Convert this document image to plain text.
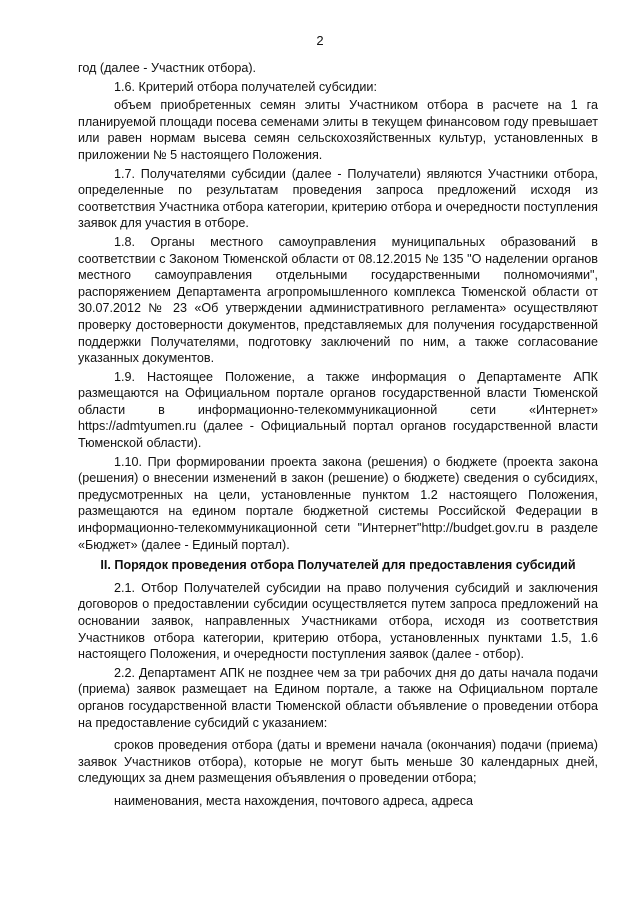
2

год (далее - Участник отбора).

1.6. Критерий отбора получателей субсидии:

объем приобретенных семян элиты Участником отбора в расчете на 1 га планируемой площади посева семенами элиты в текущем финансовом году превышает или равен нормам высева семян сельскохозяйственных культур, установленных в приложении № 5 настоящего Положения.

1.7. Получателями субсидии (далее - Получатели) являются Участники отбора, определенные по результатам проведения запроса предложений исходя из соответствия Участника отбора категории, критерию отбора и очередности поступления заявок для участия в отборе.

1.8. Органы местного самоуправления муниципальных образований в соответствии с Законом Тюменской области от 08.12.2015 № 135 "О наделении органов местного самоуправления отдельными государственными полномочиями", распоряжением Департамента агропромышленного комплекса Тюменской области от 30.07.2012 № 23 «Об утверждении административного регламента» осуществляют проверку достоверности документов, представляемых для получения государственной поддержки Получателями, подготовку заключений по ним, а также согласование указанных документов.

1.9. Настоящее Положение, а также информация о Департаменте АПК размещаются на Официальном портале органов государственной власти Тюменской области в информационно-телекоммуникационной сети «Интернет» https://admtyumen.ru (далее - Официальный портал органов государственной власти Тюменской области).

1.10. При формировании проекта закона (решения) о бюджете (проекта закона (решения) о внесении изменений в закон (решение) о бюджете) сведения о субсидиях, предусмотренных на цели, установленные пунктом 1.2 настоящего Положения, размещаются на едином портале бюджетной системы Российской Федерации в информационно-телекоммуникационной сети "Интернет"http://budget.gov.ru в разделе «Бюджет» (далее - Единый портал).

II. Порядок проведения отбора Получателей для предоставления субсидий

2.1. Отбор Получателей субсидии на право получения субсидий и заключения договоров о предоставлении субсидии осуществляется путем запроса предложений на основании заявок, направленных Участниками отбора, исходя из соответствия Участников отбора категории, критерию отбора, установленных пунктами 1.5, 1.6 настоящего Положения, и очередности поступления заявок (далее - отбор).

2.2. Департамент АПК не позднее чем за три рабочих дня до даты начала подачи (приема) заявок размещает на Едином портале, а также на Официальном портале органов государственной власти Тюменской области объявление о проведении отбора на предоставление субсидий с указанием:

сроков проведения отбора (даты и времени начала (окончания) подачи (приема) заявок Участников отбора), которые не могут быть меньше 30 календарных дней, следующих за днем размещения объявления о проведении отбора;

наименования, места нахождения, почтового адреса, адреса
